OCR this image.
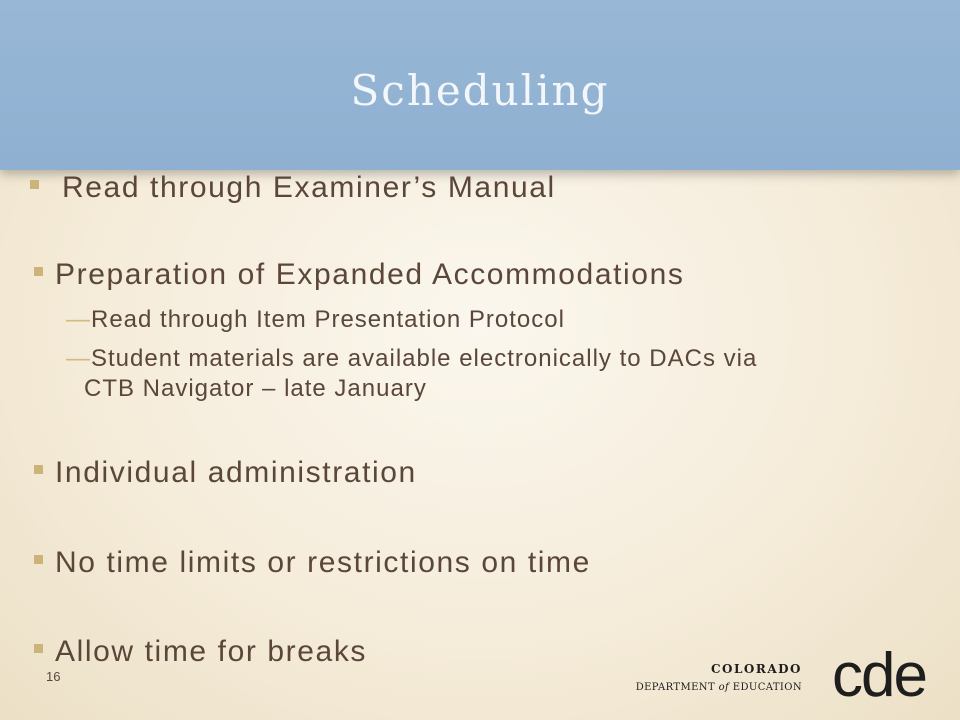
Scheduling
Read through Examiner’s Manual
Preparation of Expanded Accommodations
—Read through Item Presentation Protocol
—Student materials are available electronically to DACs via
CTB Navigator – late January
Individual administration
No time limits or restrictions on time
Allow time for breaks
16	COLORADO
DEPARTMENT of EDUCATION cde
